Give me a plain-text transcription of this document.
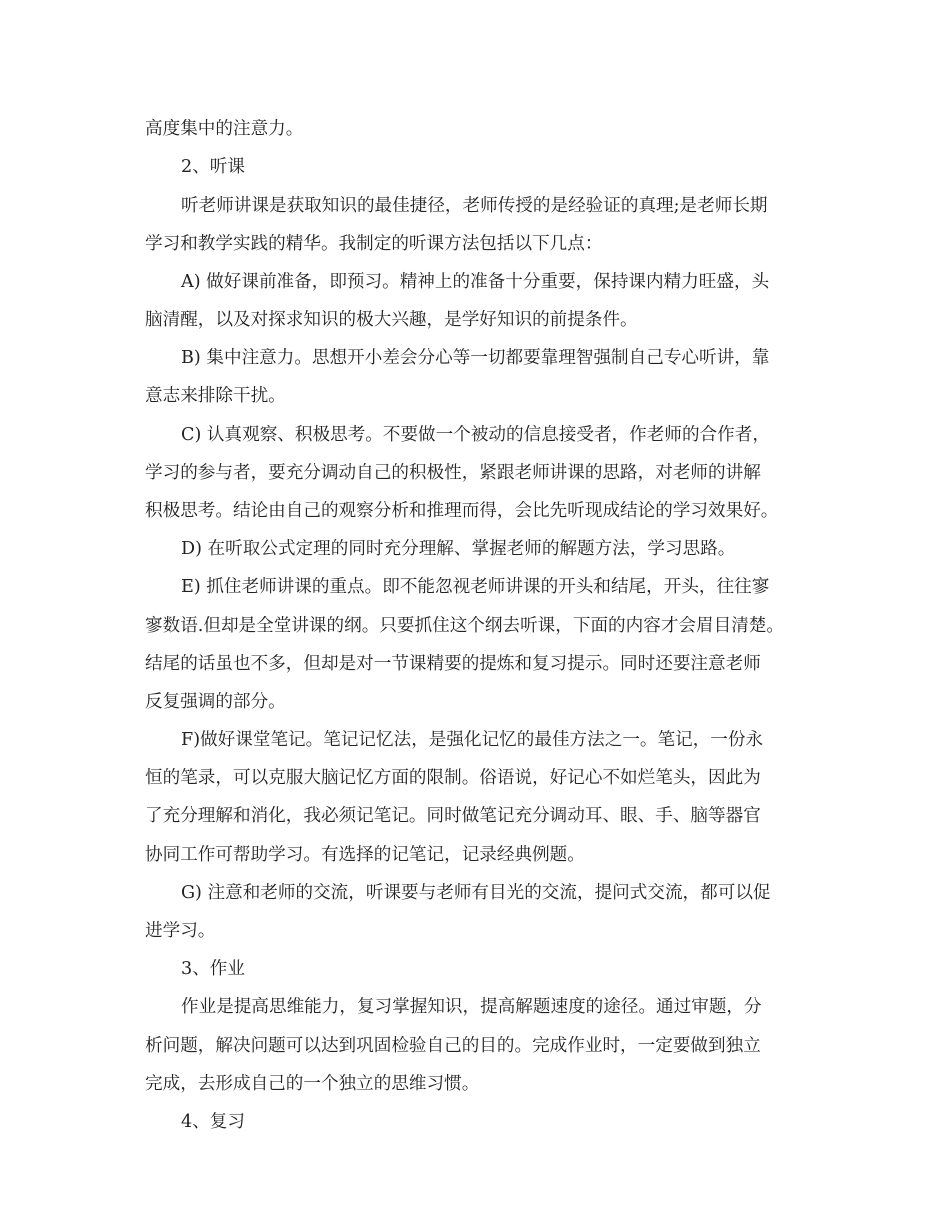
高度集中的注意力。
2、听课
听老师讲课是获取知识的最佳捷径，老师传授的是经验证的真理;是老师长期
学习和教学实践的精华。我制定的听课方法包括以下几点：
A) 做好课前准备，即预习。精神上的准备十分重要，保持课内精力旺盛，头
脑清醒，以及对探求知识的极大兴趣，是学好知识的前提条件。
B) 集中注意力。思想开小差会分心等一切都要靠理智强制自己专心听讲，靠
意志来排除干扰。
C) 认真观察、积极思考。不要做一个被动的信息接受者，作老师的合作者，
学习的参与者，要充分调动自己的积极性，紧跟老师讲课的思路，对老师的讲解
积极思考。结论由自己的观察分析和推理而得，会比先听现成结论的学习效果好。
D) 在听取公式定理的同时充分理解、掌握老师的解题方法，学习思路。
E) 抓住老师讲课的重点。即不能忽视老师讲课的开头和结尾，开头，往往寥
寥数语.但却是全堂讲课的纲。只要抓住这个纲去听课，下面的内容才会眉目清楚。
结尾的话虽也不多，但却是对一节课精要的提炼和复习提示。同时还要注意老师
反复强调的部分。
F)做好课堂笔记。笔记记忆法，是强化记忆的最佳方法之一。笔记，一份永
恒的笔录，可以克服大脑记忆方面的限制。俗语说，好记心不如烂笔头，因此为
了充分理解和消化，我必须记笔记。同时做笔记充分调动耳、眼、手、脑等器官
协同工作可帮助学习。有选择的记笔记，记录经典例题。
G) 注意和老师的交流，听课要与老师有目光的交流，提问式交流，都可以促
进学习。
3、作业
作业是提高思维能力，复习掌握知识，提高解题速度的途径。通过审题，分
析问题，解决问题可以达到巩固检验自己的目的。完成作业时，一定要做到独立
完成，去形成自己的一个独立的思维习惯。
4、复习
